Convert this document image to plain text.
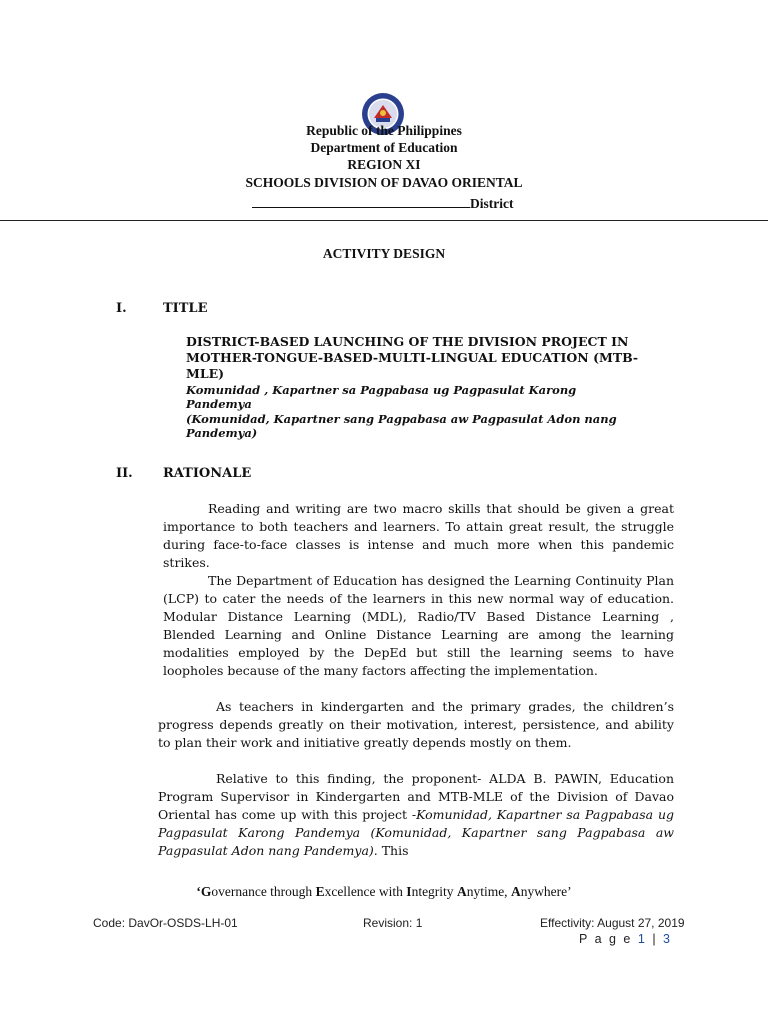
Republic of the Philippines
Department of Education
REGION XI
SCHOOLS DIVISION OF DAVAO ORIENTAL
District
ACTIVITY DESIGN
I.	TITLE
DISTRICT-BASED LAUNCHING OF THE DIVISION PROJECT IN
MOTHER-TONGUE-BASED-MULTI-LINGUAL EDUCATION (MTB-
MLE)
Komunidad , Kapartner sa Pagpabasa ug Pagpasulat Karong
Pandemya
(Komunidad, Kapartner sang Pagpabasa aw Pagpasulat Adon nang
Pandemya)
II. RATIONALE
Reading and writing are two macro skills that should be given a great importance to both teachers and learners. To attain great result, the struggle during face-to-face classes is intense and much more when this pandemic strikes.
The Department of Education has designed the Learning Continuity Plan (LCP) to cater the needs of the learners in this new normal way of education. Modular Distance Learning (MDL), Radio/TV Based Distance Learning , Blended Learning and Online Distance Learning are among the learning modalities employed by the DepEd but still the learning seems to have loopholes because of the many factors affecting the implementation.
As teachers in kindergarten and the primary grades, the children’s progress depends greatly on their motivation, interest, persistence, and ability to plan their work and initiative greatly depends mostly on them.
Relative to this finding, the proponent- ALDA B. PAWIN, Education Program Supervisor in Kindergarten and MTB-MLE of the Division of Davao Oriental has come up with this project -Komunidad, Kapartner sa Pagpabasa ug Pagpasulat Karong Pandemya (Komunidad, Kapartner sang Pagpabasa aw Pagpasulat Adon nang Pandemya). This
‘Governance through Excellence with Integrity Anytime, Anywhere’
Code: DavOr-OSDS-LH-01	Revision: 1	Effectivity: August 27, 2019
P a g e 1 | 3
